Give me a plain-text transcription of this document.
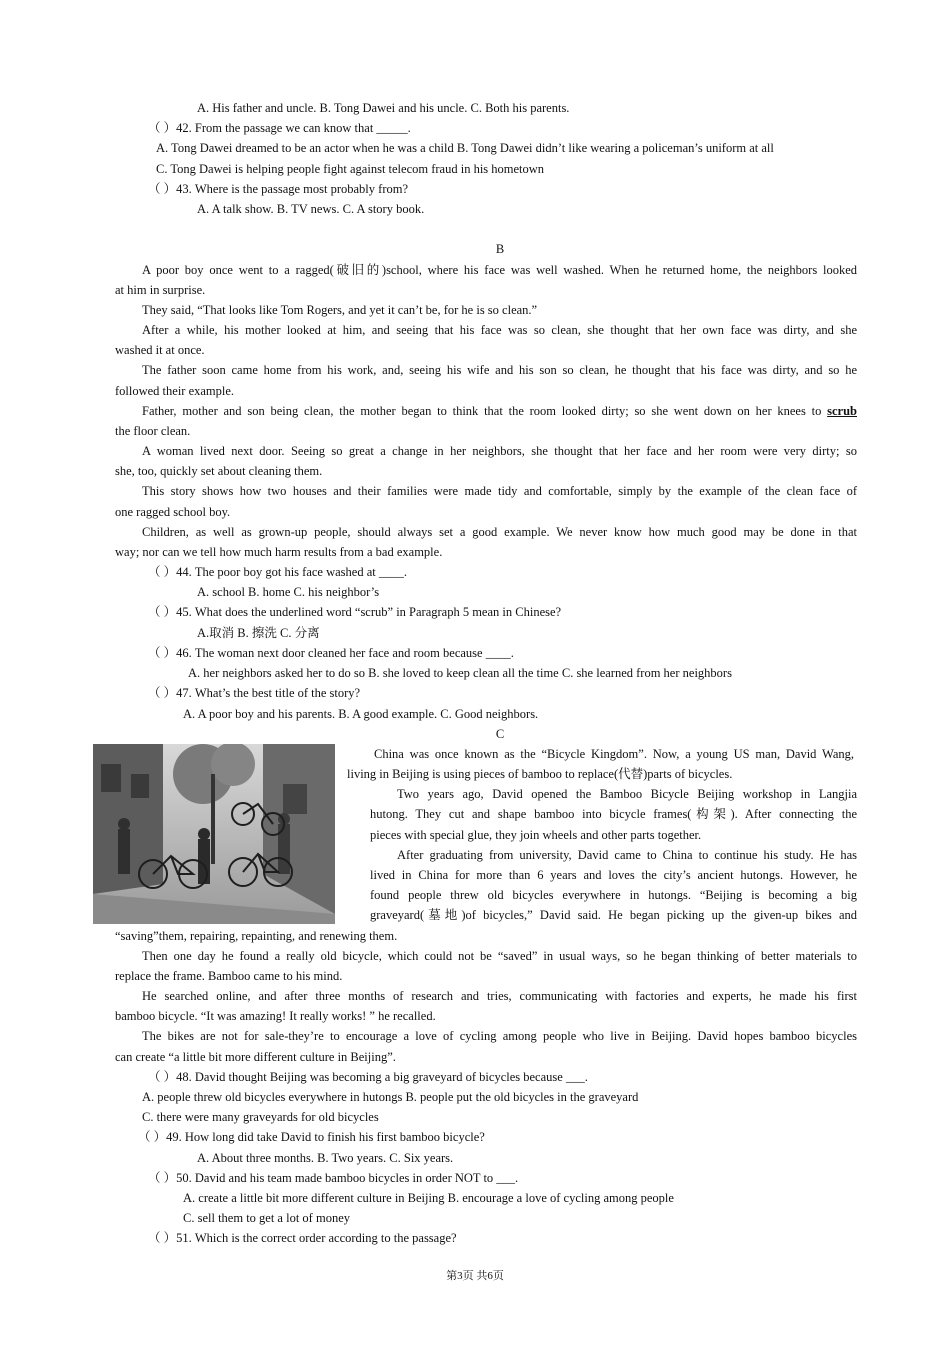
A. His father and uncle. B. Tong Dawei and his uncle. C. Both his parents.
（ ）42. From the passage we can know that _____.
A. Tong Dawei dreamed to be an actor when he was a child B. Tong Dawei didn’t like wearing a policeman’s uniform at all
C. Tong Dawei is helping people fight against telecom fraud in his hometown
（ ）43. Where is the passage most probably from?
A. A talk show. B. TV news. C. A story book.
B
A poor boy once went to a ragged(破旧的)school, where his face was well washed. When he returned home, the neighbors looked
at him in surprise.
They said, “That looks like Tom Rogers, and yet it can’t be, for he is so clean.”
After a while, his mother looked at him, and seeing that his face was so clean, she thought that her own face was dirty, and she
washed it at once.
The father soon came home from his work, and, seeing his wife and his son so clean, he thought that his face was dirty, and so he
followed their example.
Father, mother and son being clean, the mother began to think that the room looked dirty; so she went down on her knees to scrub
the floor clean.
A woman lived next door. Seeing so great a change in her neighbors, she thought that her face and her room were very dirty; so
she, too, quickly set about cleaning them.
This story shows how two houses and their families were made tidy and comfortable, simply by the example of the clean face of
one ragged school boy.
Children, as well as grown-up people, should always set a good example. We never know how much good may be done in that
way; nor can we tell how much harm results from a bad example.
（ ）44. The poor boy got his face washed at ____.
A. school B. home C. his neighbor’s
（ ）45. What does the underlined word “scrub” in Paragraph 5 mean in Chinese?
A.取消 B. 擦洗 C. 分离
（ ）46. The woman next door cleaned her face and room because ____.
A. her neighbors asked her to do so B. she loved to keep clean all the time C. she learned from her neighbors
（ ）47. What’s the best title of the story?
A. A poor boy and his parents. B. A good example. C. Good neighbors.
C
China was once known as the “Bicycle Kingdom”. Now, a young US man, David Wang,
living in Beijing is using pieces of bamboo to replace(代替)parts of bicycles.
Two years ago, David opened the Bamboo Bicycle Beijing workshop in Langjia
hutong. They cut and shape bamboo into bicycle frames(构架). After connecting the
pieces with special glue, they join wheels and other parts together.
After graduating from university, David came to China to continue his study. He has
lived in China for more than 6 years and loves the city’s ancient hutongs. However, he
found people threw old bicycles everywhere in hutongs. “Beijing is becoming a big
graveyard(墓地)of bicycles,” David said. He began picking up the given-up bikes and
“saving”them, repairing, repainting, and renewing them.
Then one day he found a really old bicycle, which could not be “saved” in usual ways, so he began thinking of better materials to
replace the frame. Bamboo came to his mind.
He searched online, and after three months of research and tries, communicating with factories and experts, he made his first
bamboo bicycle. “It was amazing! It really works! ” he recalled.
The bikes are not for sale-they’re to encourage a love of cycling among people who live in Beijing. David hopes bamboo bicycles
can create “a little bit more different culture in Beijing”.
（ ）48. David thought Beijing was becoming a big graveyard of bicycles because ___.
A. people threw old bicycles everywhere in hutongs B. people put the old bicycles in the graveyard
C. there were many graveyards for old bicycles
（ ）49. How long did take David to finish his first bamboo bicycle?
A. About three months. B. Two years. C. Six years.
（ ）50. David and his team made bamboo bicycles in order NOT to ___.
A. create a little bit more different culture in Beijing B. encourage a love of cycling among people
C. sell them to get a lot of money
（ ）51. Which is the correct order according to the passage?
第3页 共6页
